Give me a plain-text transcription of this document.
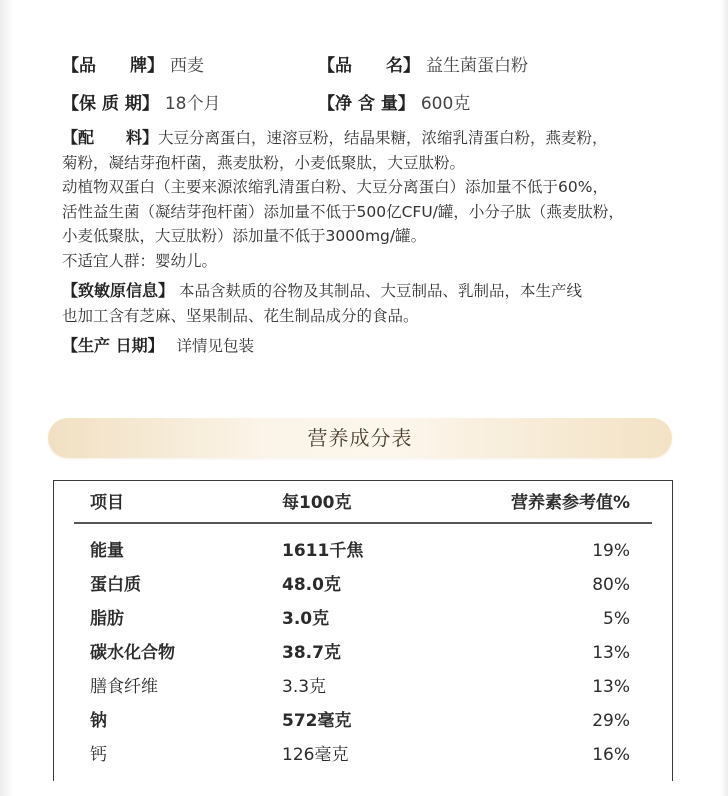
【品　　牌】 西麦	【品　　名】 益生菌蛋白粉
【保 质 期】 18个月	【净 含 量】 600克
【配　　料】大豆分离蛋白，速溶豆粉，结晶果糖，浓缩乳清蛋白粉，燕麦粉，
菊粉，凝结芽孢杆菌，燕麦肽粉，小麦低聚肽，大豆肽粉。
动植物双蛋白（主要来源浓缩乳清蛋白粉、大豆分离蛋白）添加量不低于60%，
活性益生菌（凝结芽孢杆菌）添加量不低于500亿CFU/罐，小分子肽（燕麦肽粉，
小麦低聚肽，大豆肽粉）添加量不低于3000mg/罐。
不适宜人群：婴幼儿。
【致敏原信息】 本品含麸质的谷物及其制品、大豆制品、乳制品，本生产线
也加工含有芝麻、坚果制品、花生制品成分的食品。
【生产 日期】 详情见包装
营养成分表
项目	每100克	营养素参考值%
能量	1611千焦	19%
蛋白质	48.0克	80%
脂肪	3.0克	5%
碳水化合物	38.7克	13%
膳食纤维	3.3克	13%
钠	572毫克	29%
钙	126毫克	16%
